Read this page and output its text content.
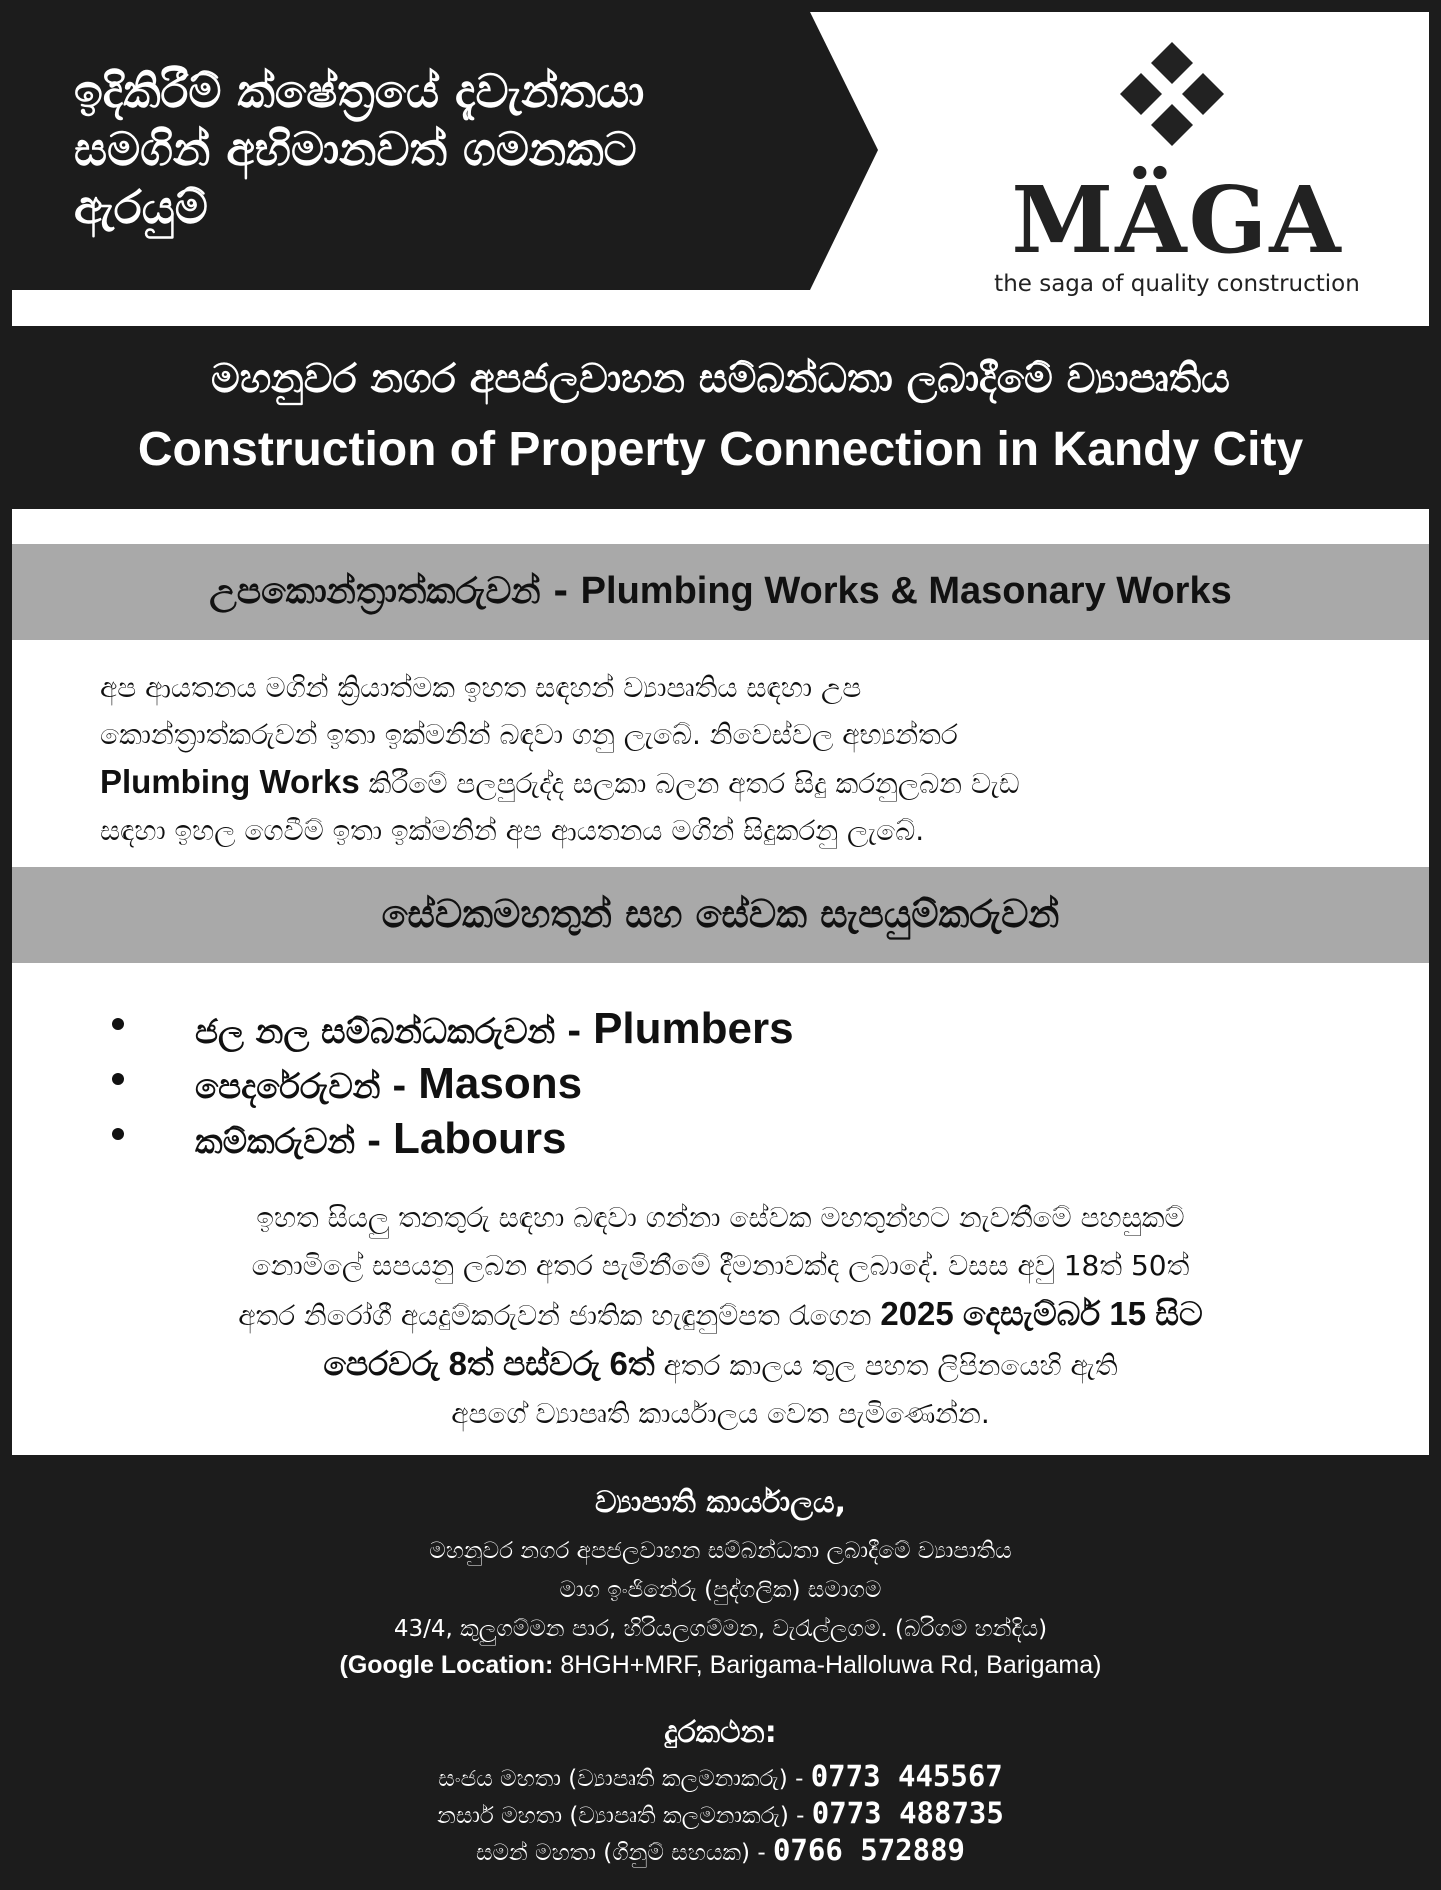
ඉදිකිරීම් ක්ෂේත්‍රයේ දැවැන්තයා
සමගින් අභිමානවත් ගමනකට
ඇරයුම්	MÄGA
the saga of quality construction
මහනුවර නගර අපජලවාහන සම්බන්ධතා ලබාදීමේ ව්‍යාපෘතිය
Construction of Property Connection in Kandy City
උපකොන්ත්‍රාත්කරුවන් - Plumbing Works & Masonary Works
අප ආයතනය මගින් ක්‍රියාත්මක ඉහත සඳහන් ව්‍යාපෘතිය සඳහා උප
කොන්ත්‍රාත්කරුවන් ඉතා ඉක්මනින් බඳවා ගනු ලැබේ. නිවෙස්වල අභ්‍යන්තර
Plumbing Works කිරීමේ පලපුරුද්ද සලකා බලන අතර සිදු කරනුලබන වැඩ
සඳහා ඉහල ගෙවීම් ඉතා ඉක්මනින් අප ආයතනය මගින් සිදුකරනු ලැබේ.
සේවකමහතුන් සහ සේවක සැපයුම්කරුවන්
ජල නල සම්බන්ධකරුවන් - Plumbers
පෙදරේරුවන් - Masons
කම්කරුවන් - Labours
ඉහත සියලු තනතුරු සඳහා බඳවා ගන්නා සේවක මහතුන්හට නැවතීමේ පහසුකම්
නොමිලේ සපයනු ලබන අතර පැමිනීමේ දීමනාවක්ද ලබාදේ. වසස අවු 18ත් 50ත්
අතර නිරෝගී අයදුම්කරුවන් ජාතික හැඳුනුම්පත රැගෙන 2025 දෙසැම්බර් 15 සිට
පෙරවරු 8ත් පස්වරු 6ත් අතර කාලය තුල පහත ලිපිනයෙහි ඇති
අපගේ ව්‍යාපෘති කාර්යාලය වෙත පැමිණෙන්න.
ව්‍යාපාති කාර්යාලය,
මහනුවර නගර අපජලවාහන සම්බන්ධතා ලබාදීමේ ව්‍යාපාතිය
මාග ඉංජිනේරු (පුද්ගලික) සමාගම
43/4, කුලුගම්මන පාර, හිරියලගම්මන, වැරැල්ලගම. (බරිගම හන්දිය)
(Google Location: 8HGH+MRF, Barigama-Halloluwa Rd, Barigama)
දුරකථන:
සංජය මහතා (ව්‍යාපෘති කලමනාකරු) - 0773 445567
නසාර් මහතා (ව්‍යාපෘති කලමනාකරු) - 0773 488735
සමන් මහතා (ගිනුම් සහයක) - 0766 572889
